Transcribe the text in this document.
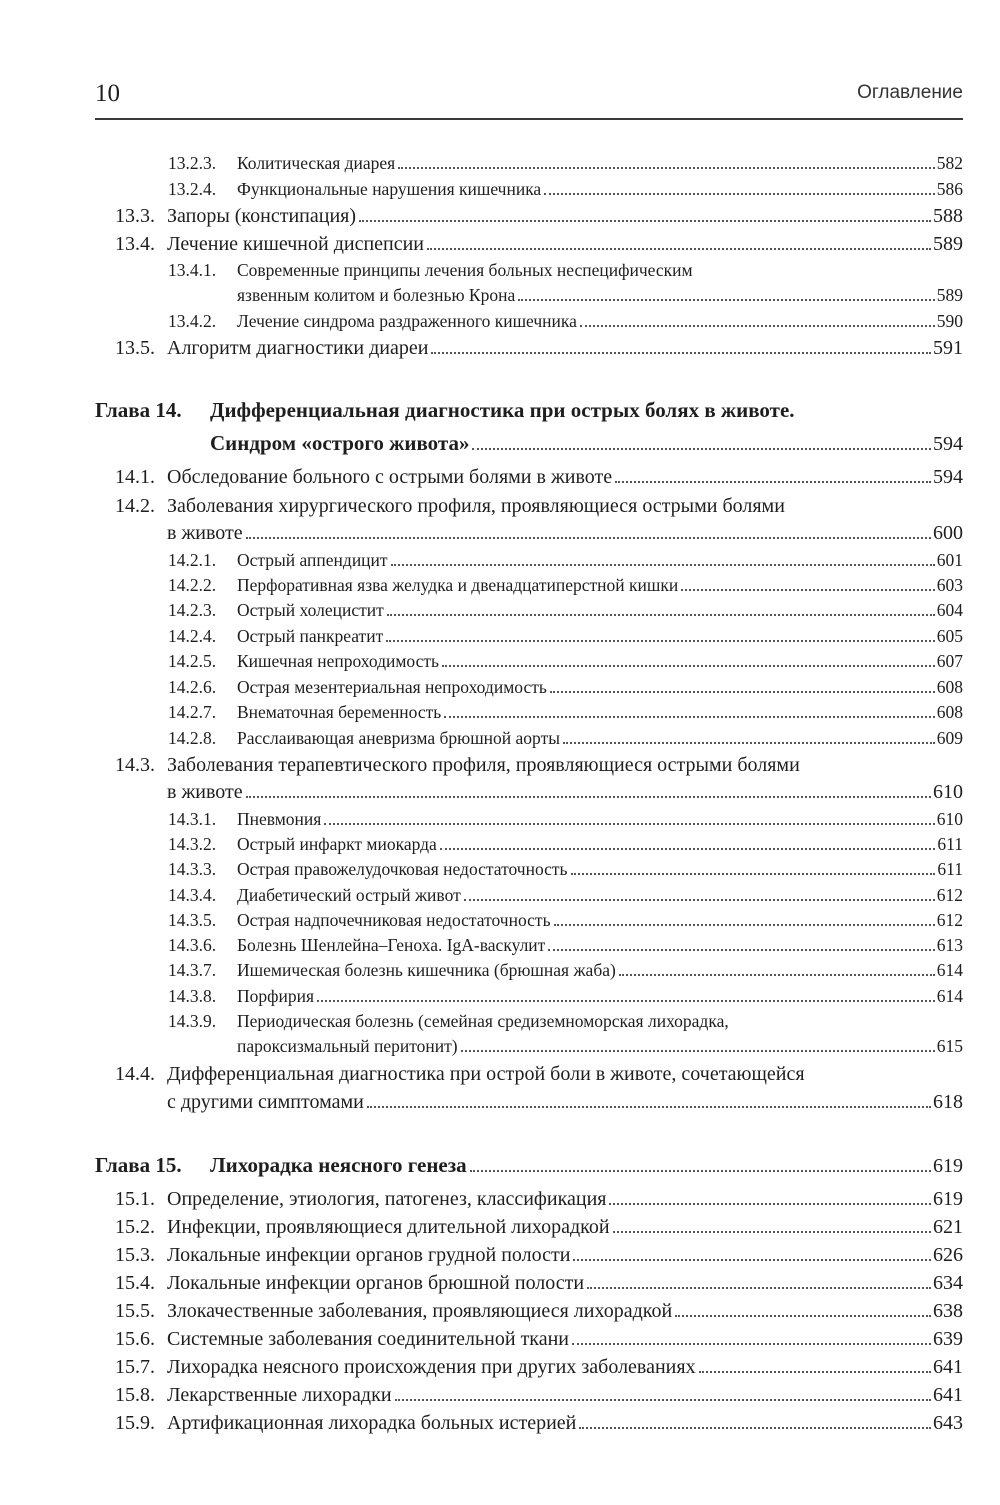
10	Оглавление
13.2.3. Колитическая диарея	582
13.2.4. Функциональные нарушения кишечника	586
13.3. Запоры (констипация)	588
13.4. Лечение кишечной диспепсии	589
13.4.1. Современные принципы лечения больных неспецифическим
язвенным колитом и болезнью Крона	589
13.4.2. Лечение синдрома раздраженного кишечника	590
13.5. Алгоритм диагностики диареи	591
Глава 14. Дифференциальная диагностика при острых болях в животе.
Синдром «острого живота»	594
14.1. Обследование больного с острыми болями в животе	594
14.2. Заболевания хирургического профиля, проявляющиеся острыми болями
в животе	600
14.2.1. Острый аппендицит	601
14.2.2. Перфоративная язва желудка и двенадцатиперстной кишки	603
14.2.3. Острый холецистит	604
14.2.4. Острый панкреатит	605
14.2.5. Кишечная непроходимость	607
14.2.6. Острая мезентериальная непроходимость	608
14.2.7. Внематочная беременность	608
14.2.8. Расслаивающая аневризма брюшной аорты	609
14.3. Заболевания терапевтического профиля, проявляющиеся острыми болями
в животе	610
14.3.1. Пневмония	610
14.3.2. Острый инфаркт миокарда	611
14.3.3. Острая правожелудочковая недостаточность	611
14.3.4. Диабетический острый живот	612
14.3.5. Острая надпочечниковая недостаточность	612
14.3.6. Болезнь Шенлейна–Геноха. IgA-васкулит	613
14.3.7. Ишемическая болезнь кишечника (брюшная жаба)	614
14.3.8. Порфирия	614
14.3.9. Периодическая болезнь (семейная средиземноморская лихорадка,
пароксизмальный перитонит)	615
14.4. Дифференциальная диагностика при острой боли в животе, сочетающейся
с другими симптомами	618
Глава 15. Лихорадка неясного генеза	619
15.1. Определение, этиология, патогенез, классификация	619
15.2. Инфекции, проявляющиеся длительной лихорадкой	621
15.3. Локальные инфекции органов грудной полости	626
15.4. Локальные инфекции органов брюшной полости	634
15.5. Злокачественные заболевания, проявляющиеся лихорадкой	638
15.6. Системные заболевания соединительной ткани	639
15.7. Лихорадка неясного происхождения при других заболеваниях	641
15.8. Лекарственные лихорадки	641
15.9. Артификационная лихорадка больных истерией	643
